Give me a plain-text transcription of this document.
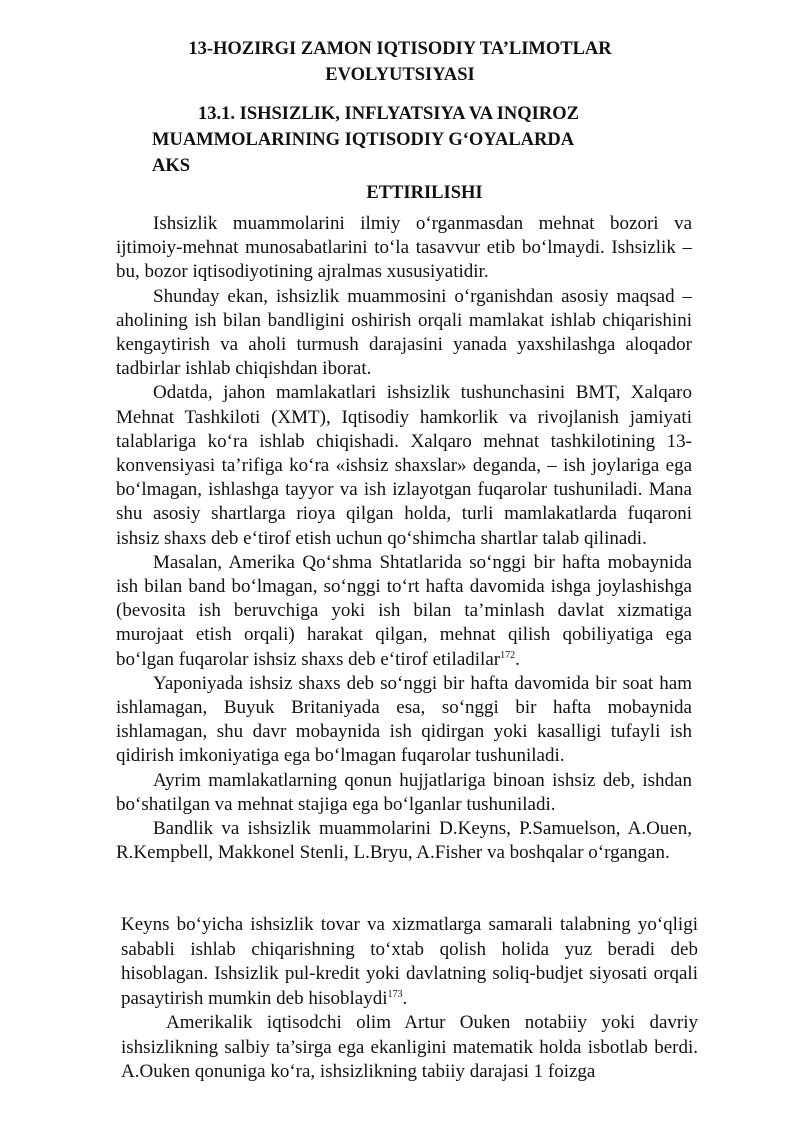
13-HOZIRGI ZAMON IQTISODIY TA’LIMOTLAR
EVOLYUTSIYASI
13.1. ISHSIZLIK, INFLYATSIYA VA INQIROZ
MUAMMOLARINING IQTISODIY G‘OYALARDA
AKS
ETTIRILISHI

Ishsizlik muammolarini ilmiy o‘rganmasdan mehnat bozori va ijtimoiy-mehnat munosabatlarini to‘la tasavvur etib bo‘lmaydi. Ishsizlik – bu, bozor iqtisodiyotining ajralmas xususiyatidir.

Shunday ekan, ishsizlik muammosini o‘rganishdan asosiy maqsad – aholining ish bilan bandligini oshirish orqali mamlakat ishlab chiqarishini kengaytirish va aholi turmush darajasini yanada yaxshilashga aloqador tadbirlar ishlab chiqishdan iborat.

Odatda, jahon mamlakatlari ishsizlik tushunchasini BMT, Xalqaro Mehnat Tashkiloti (XMT), Iqtisodiy hamkorlik va rivojlanish jamiyati talablariga ko‘ra ishlab chiqishadi. Xalqaro mehnat tashkilotining 13-konvensiyasi ta’rifiga ko‘ra «ishsiz shaxslar» deganda, – ish joylariga ega bo‘lmagan, ishlashga tayyor va ish izlayotgan fuqarolar tushuniladi. Mana shu asosiy shartlarga rioya qilgan holda, turli mamlakatlarda fuqaroni ishsiz shaxs deb e‘tirof etish uchun qo‘shimcha shartlar talab qilinadi.

Masalan, Amerika Qo‘shma Shtatlarida so‘nggi bir hafta mobaynida ish bilan band bo‘lmagan, so‘nggi to‘rt hafta davomida ishga joylashishga (bevosita ish beruvchiga yoki ish bilan ta’minlash davlat xizmatiga murojaat etish orqali) harakat qilgan, mehnat qilish qobiliyatiga ega bo‘lgan fuqarolar ishsiz shaxs deb e‘tirof etiladilar$^{172}$.

Yaponiyada ishsiz shaxs deb so‘nggi bir hafta davomida bir soat ham ishlamagan, Buyuk Britaniyada esa, so‘nggi bir hafta mobaynida ishlamagan, shu davr mobaynida ish qidirgan yoki kasalligi tufayli ish qidirish imkoniyatiga ega bo‘lmagan fuqarolar tushuniladi.

Ayrim mamlakatlarning qonun hujjatlariga binoan ishsiz deb, ishdan bo‘shatilgan va mehnat stajiga ega bo‘lganlar tushuniladi.

Bandlik va ishsizlik muammolarini D.Keyns, P.Samuelson, A.Ouen, R.Kempbell, Makkonel Stenli, L.Bryu, A.Fisher va boshqalar o‘rgangan.

Keyns bo‘yicha ishsizlik tovar va xizmatlarga samarali talabning yo‘qligi sababli ishlab chiqarishning to‘xtab qolish holida yuz beradi deb hisoblagan. Ishsizlik pul-kredit yoki davlatning soliq-budjet siyosati orqali pasaytirish mumkin deb hisoblaydi$^{173}$.

Amerikalik iqtisodchi olim Artur Ouken notabiiy yoki davriy ishsizlikning salbiy ta’sirga ega ekanligini matematik holda isbotlab berdi. A.Ouken qonuniga ko‘ra, ishsizlikning tabiiy darajasi 1 foizga
